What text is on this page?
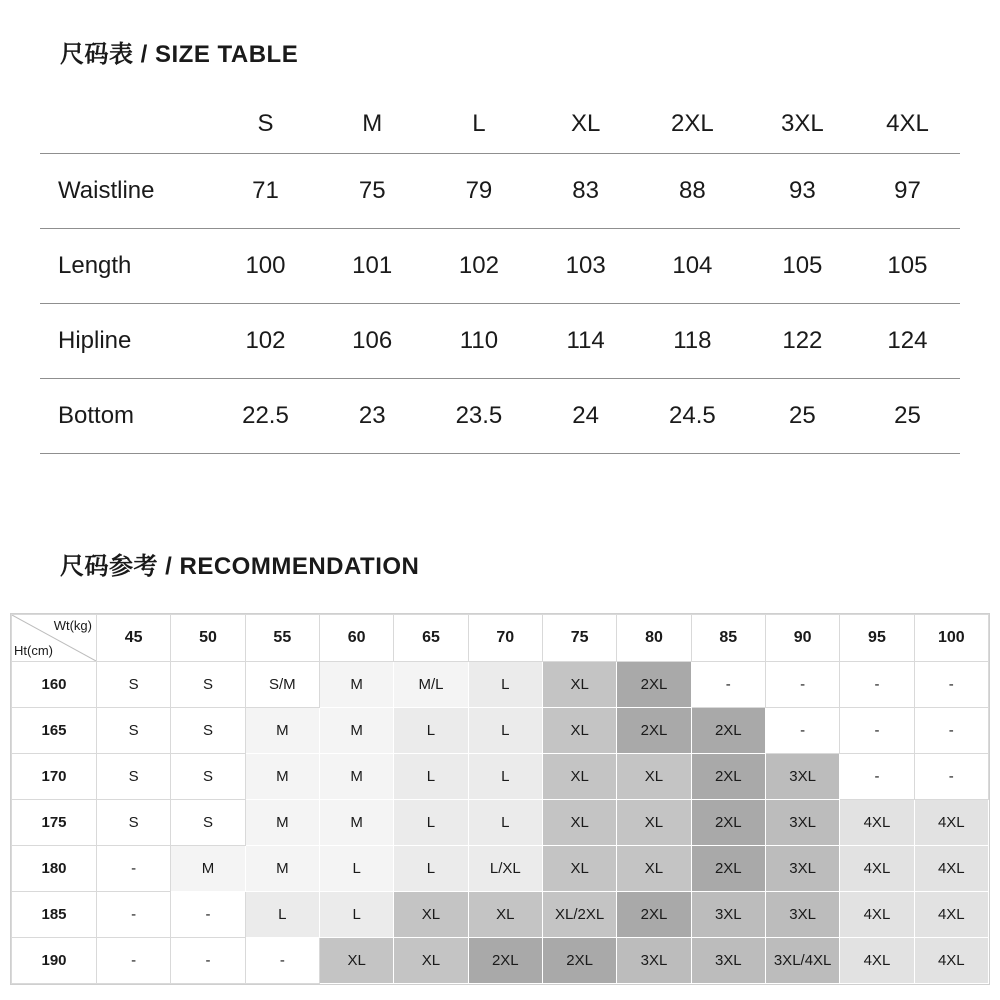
尺码表 / SIZE TABLE
	S	M	L	XL	2XL	3XL	4XL
Waistline	71	75	79	83	88	93	97
Length	100	101	102	103	104	105	105
Hipline	102	106	110	114	118	122	124
Bottom	22.5	23	23.5	24	24.5	25	25
尺码参考 / RECOMMENDATION
Wt(kg)
Ht(cm)	45	50	55	60	65	70	75	80	85	90	95	100
160	S	S	S/M	M	M/L	L	XL	2XL	-	-	-	-
165	S	S	M	M	L	L	XL	2XL	2XL	-	-	-
170	S	S	M	M	L	L	XL	XL	2XL	3XL	-	-
175	S	S	M	M	L	L	XL	XL	2XL	3XL	4XL	4XL
180	-	M	M	L	L	L/XL	XL	XL	2XL	3XL	4XL	4XL
185	-	-	L	L	XL	XL	XL/2XL	2XL	3XL	3XL	4XL	4XL
190	-	-	-	XL	XL	2XL	2XL	3XL	3XL	3XL/4XL	4XL	4XL
